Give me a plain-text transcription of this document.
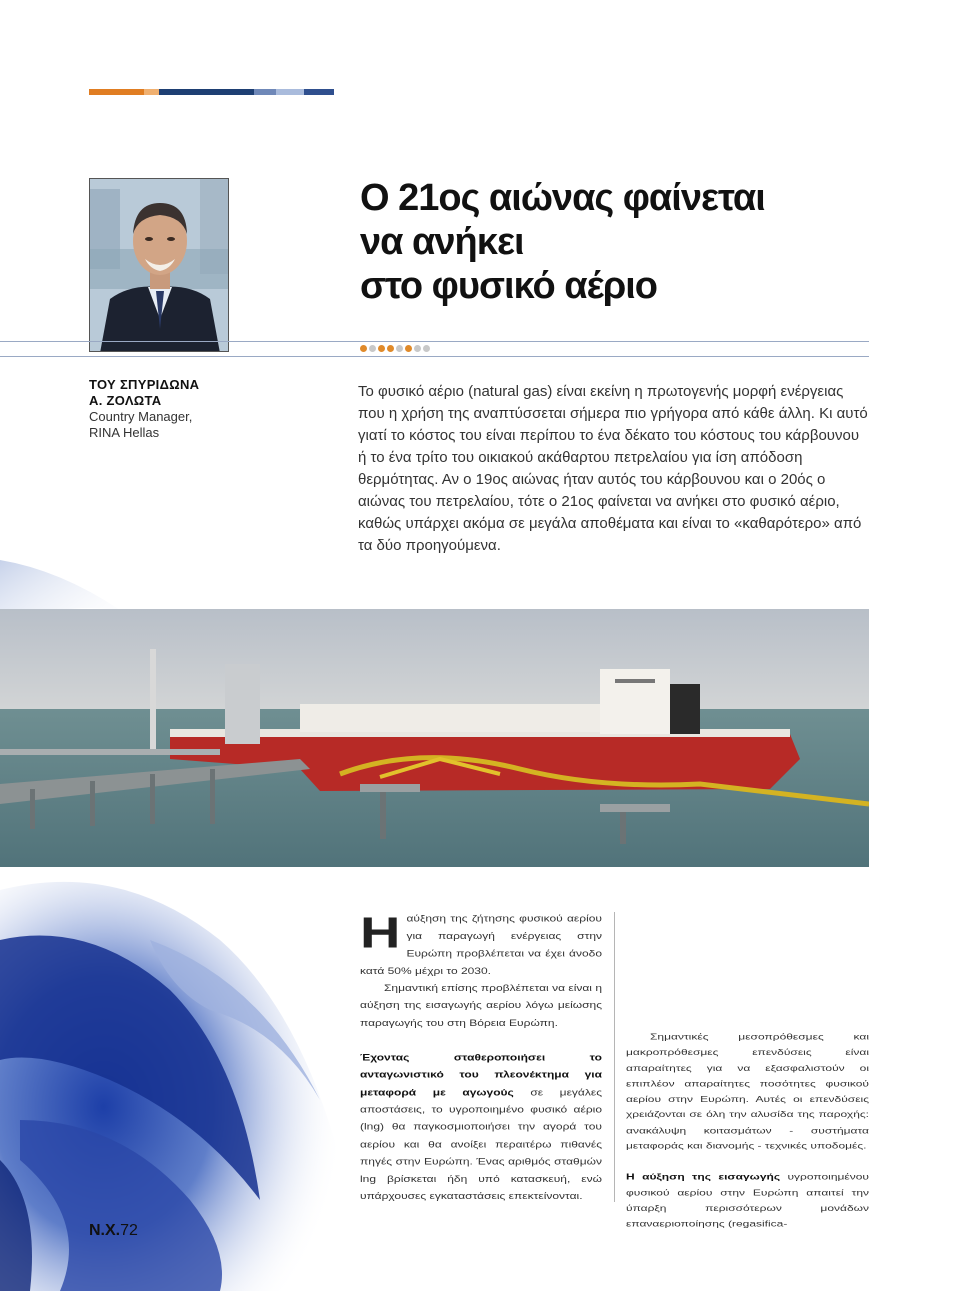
Ο 21ος αιώνας φαίνεται
να ανήκει
στο φυσικό αέριο
ΤΟΥ ΣΠΥΡΙΔΩΝΑ
Α. ΖΟΛΩΤΑ
Country Manager,
RINA Hellas

Το φυσικό αέριο (natural gas) είναι εκείνη η πρωτογενής μορφή ενέργειας που η χρήση της αναπτύσσεται σήμερα πιο γρήγορα από κάθε άλλη. Κι αυτό γιατί το κόστος του είναι περίπου το ένα δέκατο του κόστους του κάρβουνου ή το ένα τρίτο του οικιακού ακάθαρτου πετρελαίου για ίση απόδοση θερμότητας. Αν ο 19ος αιώνας ήταν αυτός του κάρβουνου και ο 20ός ο αιώνας του πετρελαίου, τότε ο 21ος φαίνεται να ανήκει στο φυσικό αέριο, καθώς υπάρχει ακόμα σε μεγάλα αποθέματα και είναι το «καθαρότερο» από τα δύο προηγούμενα.

Η αύξηση της ζήτησης φυσικού αερίου για παραγωγή ενέργειας στην Ευρώπη προβλέπεται να έχει άνοδο κατά 50% μέχρι το 2030.

Σημαντική επίσης προβλέπεται να είναι η αύξηση της εισαγωγής αερίου λόγω μείωσης παραγωγής του στη Βόρεια Ευρώπη.

Έχοντας σταθεροποιήσει το ανταγωνιστικό του πλεονέκτημα για μεταφορά με αγωγούς σε μεγάλες αποστάσεις, το υγροποιημένο φυσικό αέριο (lng) θα παγκοσμιοποιήσει την αγορά του αερίου και θα ανοίξει περαιτέρω πιθανές πηγές στην Ευρώπη. Ένας αριθμός σταθμών lng βρίσκεται ήδη υπό κατασκευή, ενώ υπάρχουσες εγκαταστάσεις επεκτείνονται.

Σημαντικές μεσοπρόθεσμες και μακροπρόθεσμες επενδύσεις είναι απαραίτητες για να εξασφαλιστούν οι επιπλέον απαραίτητες ποσότητες φυσικού αερίου στην Ευρώπη. Αυτές οι επενδύσεις χρειάζονται σε όλη την αλυσίδα της παροχής: ανακάλυψη κοιτασμάτων - συστήματα μεταφοράς και διανομής - τεχνικές υποδομές.

Η αύξηση της εισαγωγής υγροποιημένου φυσικού αερίου στην Ευρώπη απαιτεί την ύπαρξη περισσότερων μονάδων επαναεριοποίησης (regasifica-

Ν.Χ.72
